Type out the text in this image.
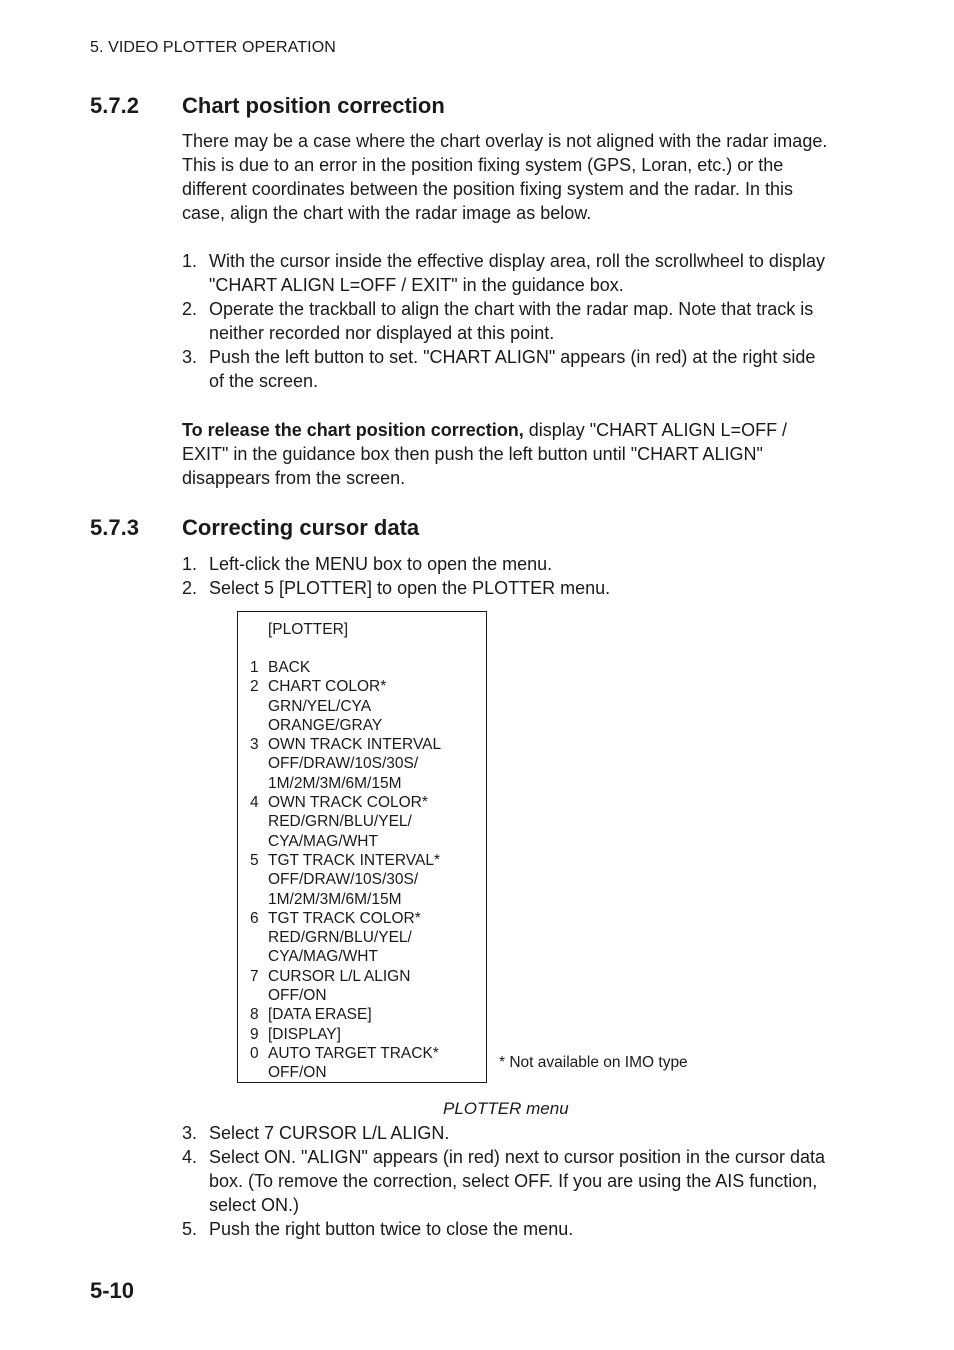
5. VIDEO PLOTTER OPERATION
5.7.2 Chart position correction
There may be a case where the chart overlay is not aligned with the radar image.
This is due to an error in the position fixing system (GPS, Loran, etc.) or the
different coordinates between the position fixing system and the radar. In this
case, align the chart with the radar image as below.
1. With the cursor inside the effective display area, roll the scrollwheel to display
"CHART ALIGN L=OFF / EXIT" in the guidance box.
2. Operate the trackball to align the chart with the radar map. Note that track is
neither recorded nor displayed at this point.
3. Push the left button to set. "CHART ALIGN" appears (in red) at the right side
of the screen.
To release the chart position correction, display "CHART ALIGN L=OFF /
EXIT" in the guidance box then push the left button until "CHART ALIGN"
disappears from the screen.
5.7.3 Correcting cursor data
1. Left-click the MENU box to open the menu.
2. Select 5 [PLOTTER] to open the PLOTTER menu.
[PLOTTER]
1 BACK
2 CHART COLOR*
GRN/YEL/CYA
ORANGE/GRAY
3 OWN TRACK INTERVAL
OFF/DRAW/10S/30S/
1M/2M/3M/6M/15M
4 OWN TRACK COLOR*
RED/GRN/BLU/YEL/
CYA/MAG/WHT
5 TGT TRACK INTERVAL*
OFF/DRAW/10S/30S/
1M/2M/3M/6M/15M
6 TGT TRACK COLOR*
RED/GRN/BLU/YEL/
CYA/MAG/WHT
7 CURSOR L/L ALIGN
OFF/ON
8 [DATA ERASE]
9 [DISPLAY]
0 AUTO TARGET TRACK*
OFF/ON
* Not available on IMO type
PLOTTER menu
3. Select 7 CURSOR L/L ALIGN.
4. Select ON. "ALIGN" appears (in red) next to cursor position in the cursor data
box. (To remove the correction, select OFF. If you are using the AIS function,
select ON.)
5. Push the right button twice to close the menu.
5-10
